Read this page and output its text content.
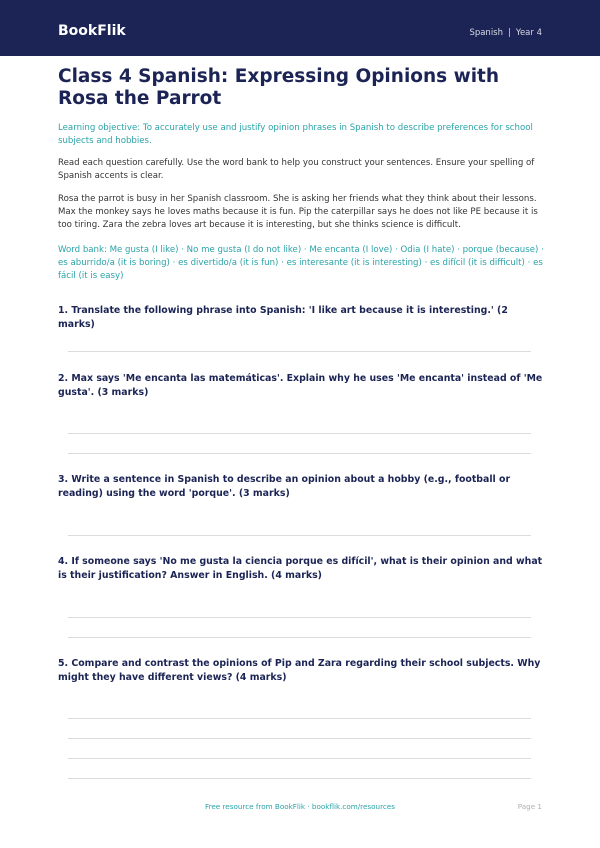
BookFlik	Spanish | Year 4
Class 4 Spanish: Expressing Opinions with Rosa the Parrot

Learning objective: To accurately use and justify opinion phrases in Spanish to describe preferences for school subjects and hobbies.

Read each question carefully. Use the word bank to help you construct your sentences. Ensure your spelling of Spanish accents is clear.

Rosa the parrot is busy in her Spanish classroom. She is asking her friends what they think about their lessons. Max the monkey says he loves maths because it is fun. Pip the caterpillar says he does not like PE because it is too tiring. Zara the zebra loves art because it is interesting, but she thinks science is difficult.

Word bank: Me gusta (I like) · No me gusta (I do not like) · Me encanta (I love) · Odia (I hate) · porque (because) · es aburrido/a (it is boring) · es divertido/a (it is fun) · es interesante (it is interesting) · es difícil (it is difficult) · es fácil (it is easy)

1. Translate the following phrase into Spanish: 'I like art because it is interesting.' (2 marks)

2. Max says 'Me encanta las matemáticas'. Explain why he uses 'Me encanta' instead of 'Me gusta'. (3 marks)

3. Write a sentence in Spanish to describe an opinion about a hobby (e.g., football or reading) using the word 'porque'. (3 marks)

4. If someone says 'No me gusta la ciencia porque es difícil', what is their opinion and what is their justification? Answer in English. (4 marks)

5. Compare and contrast the opinions of Pip and Zara regarding their school subjects. Why might they have different views? (4 marks)

Free resource from BookFlik · bookflik.com/resources	Page 1
